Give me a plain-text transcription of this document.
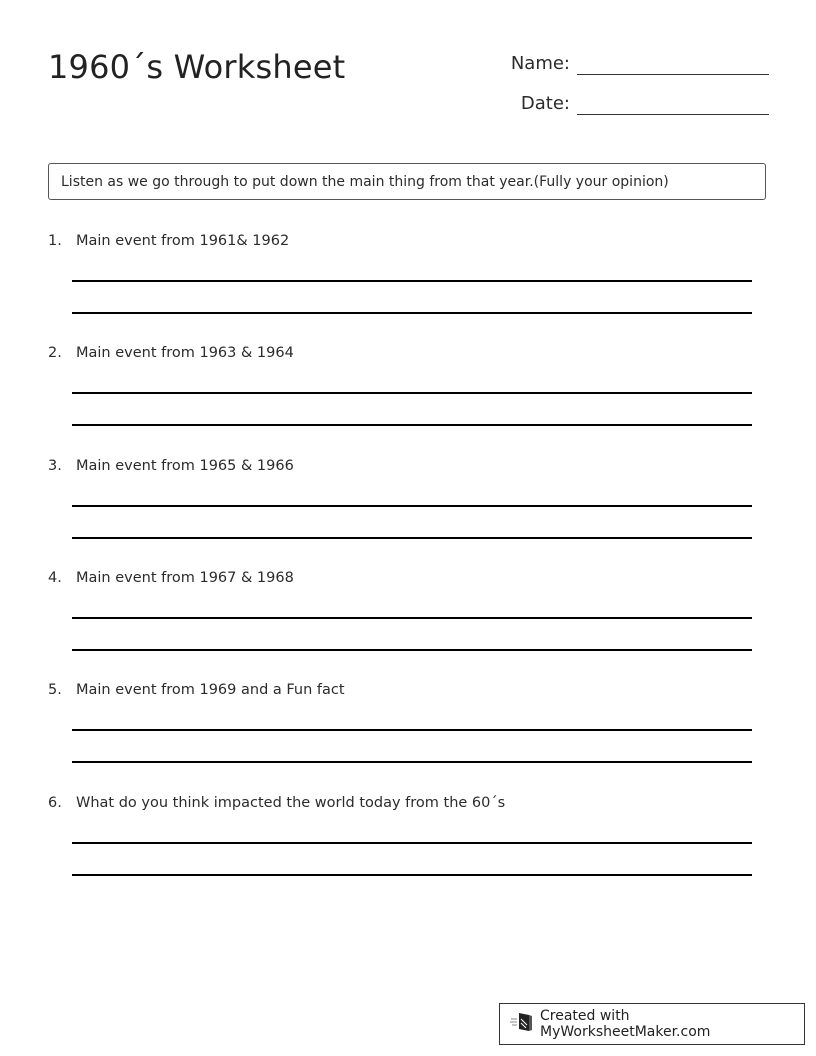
1960´s Worksheet	Name:
Date:
Listen as we go through to put down the main thing from that year.(Fully your opinion)
1. Main event from 1961& 1962
2. Main event from 1963 & 1964
3. Main event from 1965 & 1966
4. Main event from 1967 & 1968
5. Main event from 1969 and a Fun fact
6. What do you think impacted the world today from the 60´s
Created with MyWorksheetMaker.com
